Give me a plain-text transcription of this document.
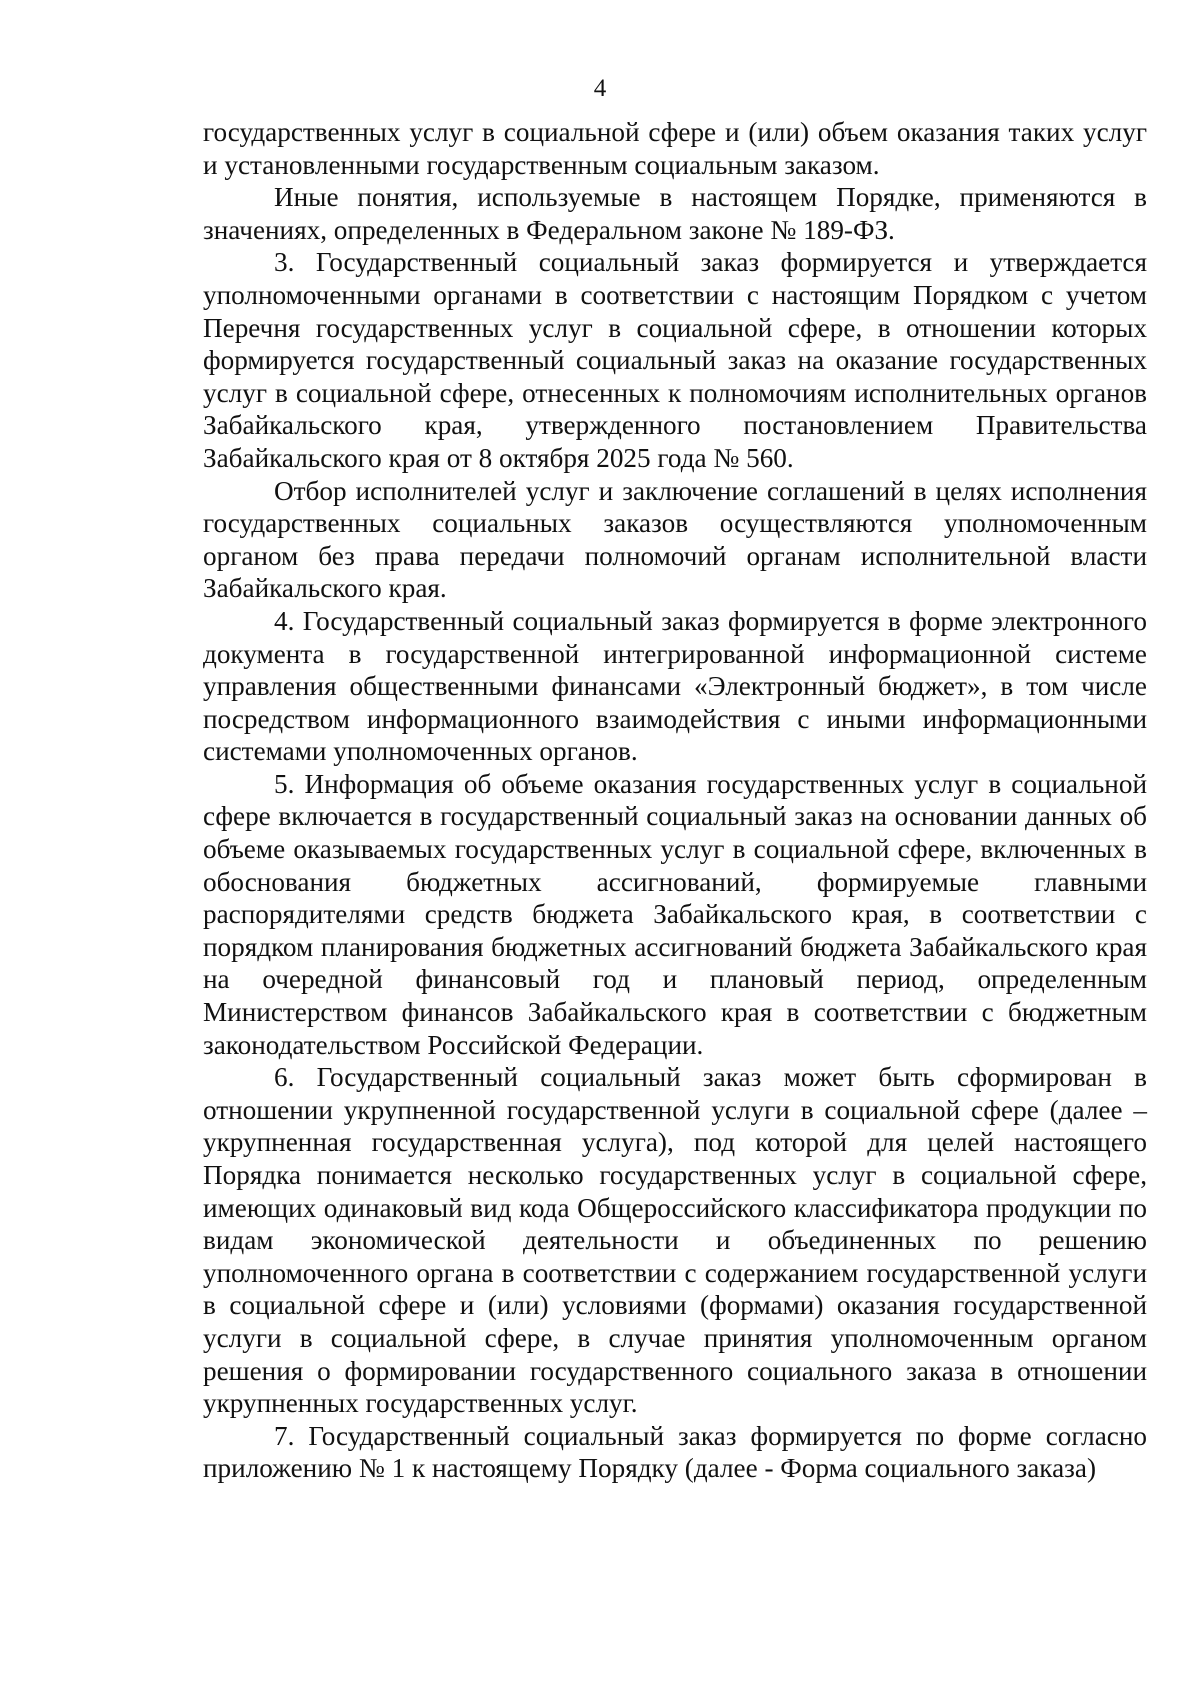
4

государственных услуг в социальной сфере и (или) объем оказания таких услуг и установленными государственным социальным заказом.

Иные понятия, используемые в настоящем Порядке, применяются в значениях, определенных в Федеральном законе № 189-ФЗ.

3. Государственный социальный заказ формируется и утверждается уполномоченными органами в соответствии с настоящим Порядком с учетом Перечня государственных услуг в социальной сфере, в отношении которых формируется государственный социальный заказ на оказание государственных услуг в социальной сфере, отнесенных к полномочиям исполнительных органов Забайкальского края, утвержденного постановлением Правительства Забайкальского края от 8 октября 2025 года № 560.

Отбор исполнителей услуг и заключение соглашений в целях исполнения государственных социальных заказов осуществляются уполномоченным органом без права передачи полномочий органам исполнительной власти Забайкальского края.

4. Государственный социальный заказ формируется в форме электронного документа в государственной интегрированной информационной системе управления общественными финансами «Электронный бюджет», в том числе посредством информационного взаимодействия с иными информационными системами уполномоченных органов.

5. Информация об объеме оказания государственных услуг в социальной сфере включается в государственный социальный заказ на основании данных об объеме оказываемых государственных услуг в социальной сфере, включенных в обоснования бюджетных ассигнований, формируемые главными распорядителями средств бюджета Забайкальского края, в соответствии с порядком планирования бюджетных ассигнований бюджета Забайкальского края на очередной финансовый год и плановый период, определенным Министерством финансов Забайкальского края в соответствии с бюджетным законодательством Российской Федерации.

6. Государственный социальный заказ может быть сформирован в отношении укрупненной государственной услуги в социальной сфере (далее – укрупненная государственная услуга), под которой для целей настоящего Порядка понимается несколько государственных услуг в социальной сфере, имеющих одинаковый вид кода Общероссийского классификатора продукции по видам экономической деятельности и объединенных по решению уполномоченного органа в соответствии с содержанием государственной услуги в социальной сфере и (или) условиями (формами) оказания государственной услуги в социальной сфере, в случае принятия уполномоченным органом решения о формировании государственного социального заказа в отношении укрупненных государственных услуг.

7. Государственный социальный заказ формируется по форме согласно приложению № 1 к настоящему Порядку (далее - Форма социального заказа)
